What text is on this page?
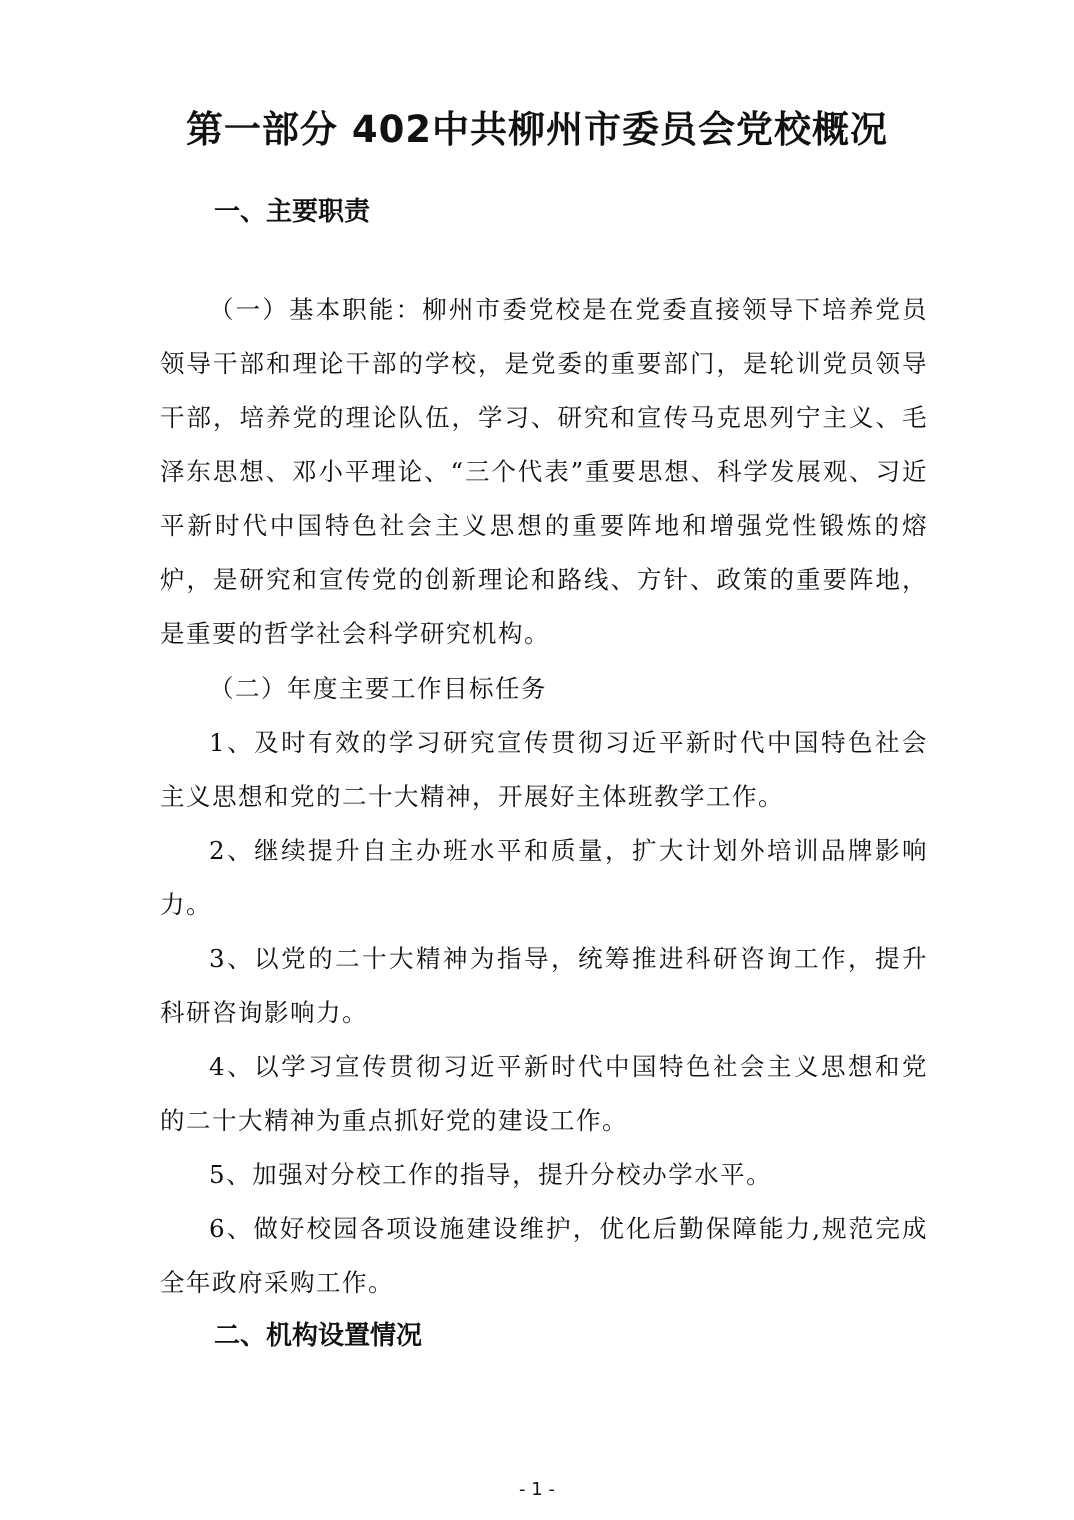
第一部分 402中共柳州市委员会党校概况
一、主要职责

（一）基本职能：柳州市委党校是在党委直接领导下培养党员领导干部和理论干部的学校，是党委的重要部门，是轮训党员领导干部，培养党的理论队伍，学习、研究和宣传马克思列宁主义、毛泽东思想、邓小平理论、“三个代表”重要思想、科学发展观、习近平新时代中国特色社会主义思想的重要阵地和增强党性锻炼的熔炉，是研究和宣传党的创新理论和路线、方针、政策的重要阵地，是重要的哲学社会科学研究机构。

（二）年度主要工作目标任务

1、及时有效的学习研究宣传贯彻习近平新时代中国特色社会主义思想和党的二十大精神，开展好主体班教学工作。

2、继续提升自主办班水平和质量，扩大计划外培训品牌影响力。

3、以党的二十大精神为指导，统筹推进科研咨询工作，提升科研咨询影响力。

4、以学习宣传贯彻习近平新时代中国特色社会主义思想和党的二十大精神为重点抓好党的建设工作。

5、加强对分校工作的指导，提升分校办学水平。

6、做好校园各项设施建设维护，优化后勤保障能力,规范完成全年政府采购工作。

二、机构设置情况
- 1 -
